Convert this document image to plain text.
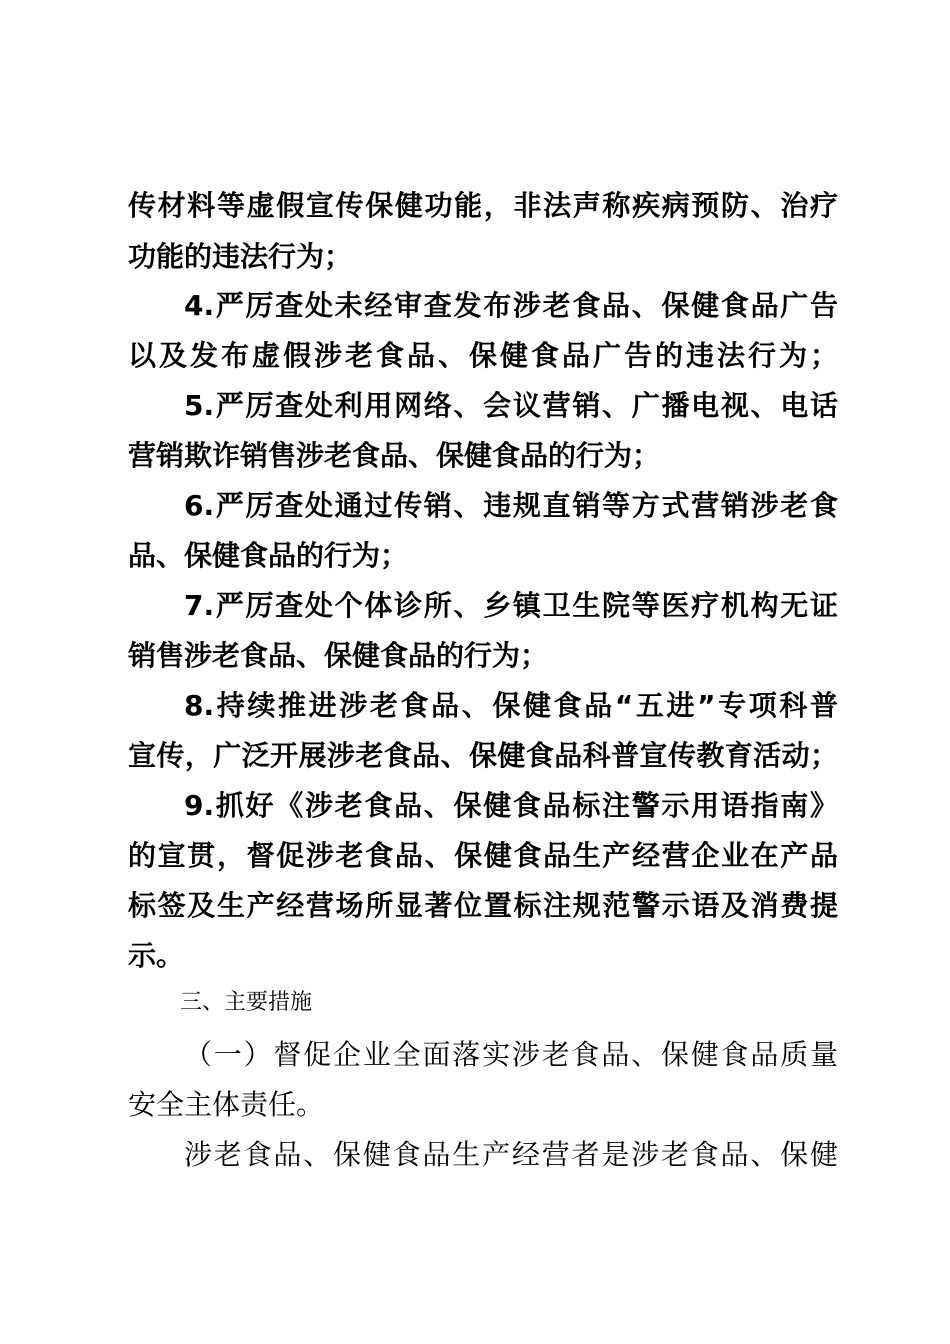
传材料等虚假宣传保健功能，非法声称疾病预防、治疗
功能的违法行为；
4.严厉查处未经审查发布涉老食品、保健食品广告
以及发布虚假涉老食品、保健食品广告的违法行为；
5.严厉查处利用网络、会议营销、广播电视、电话
营销欺诈销售涉老食品、保健食品的行为；
6.严厉查处通过传销、违规直销等方式营销涉老食
品、保健食品的行为；
7.严厉查处个体诊所、乡镇卫生院等医疗机构无证
销售涉老食品、保健食品的行为；
8.持续推进涉老食品、保健食品“五进”专项科普
宣传，广泛开展涉老食品、保健食品科普宣传教育活动；
9.抓好《涉老食品、保健食品标注警示用语指南》
的宣贯，督促涉老食品、保健食品生产经营企业在产品
标签及生产经营场所显著位置标注规范警示语及消费提
示。
三、主要措施
（一）督促企业全面落实涉老食品、保健食品质量
安全主体责任。
涉老食品、保健食品生产经营者是涉老食品、保健
